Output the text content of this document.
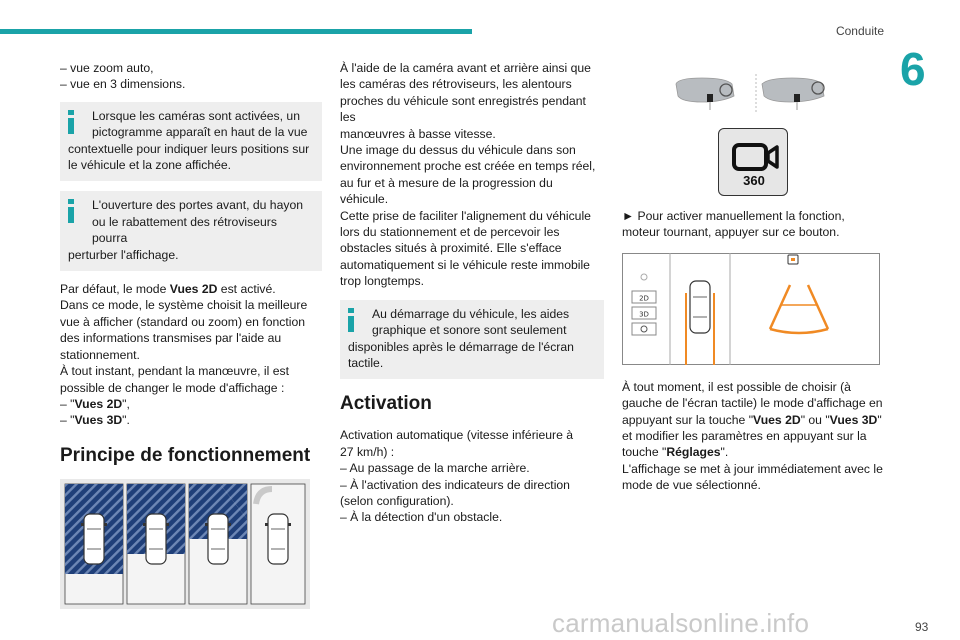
Conduite
6

– vue zoom auto,

– vue en 3 dimensions.

Lorsque les caméras sont activées, un

pictogramme apparaît en haut de la vue

contextuelle pour indiquer leurs positions sur

le véhicule et la zone affichée.

L'ouverture des portes avant, du hayon

ou le rabattement des rétroviseurs pourra

perturber l'affichage.

Par défaut, le mode Vues 2D est activé.

Dans ce mode, le système choisit la meilleure

vue à afficher (standard ou zoom) en fonction

des informations transmises par l'aide au

stationnement.

À tout instant, pendant la manœuvre, il est

possible de changer le mode d'affichage :

– "Vues 2D",

– "Vues 3D".

Principe de fonctionnement

À l'aide de la caméra avant et arrière ainsi que

les caméras des rétroviseurs, les alentours

proches du véhicule sont enregistrés pendant les

manœuvres à basse vitesse.

Une image du dessus du véhicule dans son

environnement proche est créée en temps réel,

au fur et à mesure de la progression du véhicule.

Cette prise de faciliter l'alignement du véhicule

lors du stationnement et de percevoir les

obstacles situés à proximité. Elle s'efface

automatiquement si le véhicule reste immobile

trop longtemps.

Au démarrage du véhicule, les aides

graphique et sonore sont seulement

disponibles après le démarrage de l'écran

tactile.

Activation

Activation automatique (vitesse inférieure à

27 km/h) :

– Au passage de la marche arrière.

– À l'activation des indicateurs de direction

(selon configuration).

– À la détection d'un obstacle.

360

► Pour activer manuellement la fonction,

moteur tournant, appuyer sur ce bouton.

2D
3D

À tout moment, il est possible de choisir (à

gauche de l'écran tactile) le mode d'affichage en

appuyant sur la touche "Vues 2D" ou "Vues 3D"

et modifier les paramètres en appuyant sur la

touche "Réglages".

L'affichage se met à jour immédiatement avec le

mode de vue sélectionné.

carmanualsonline.info	93
